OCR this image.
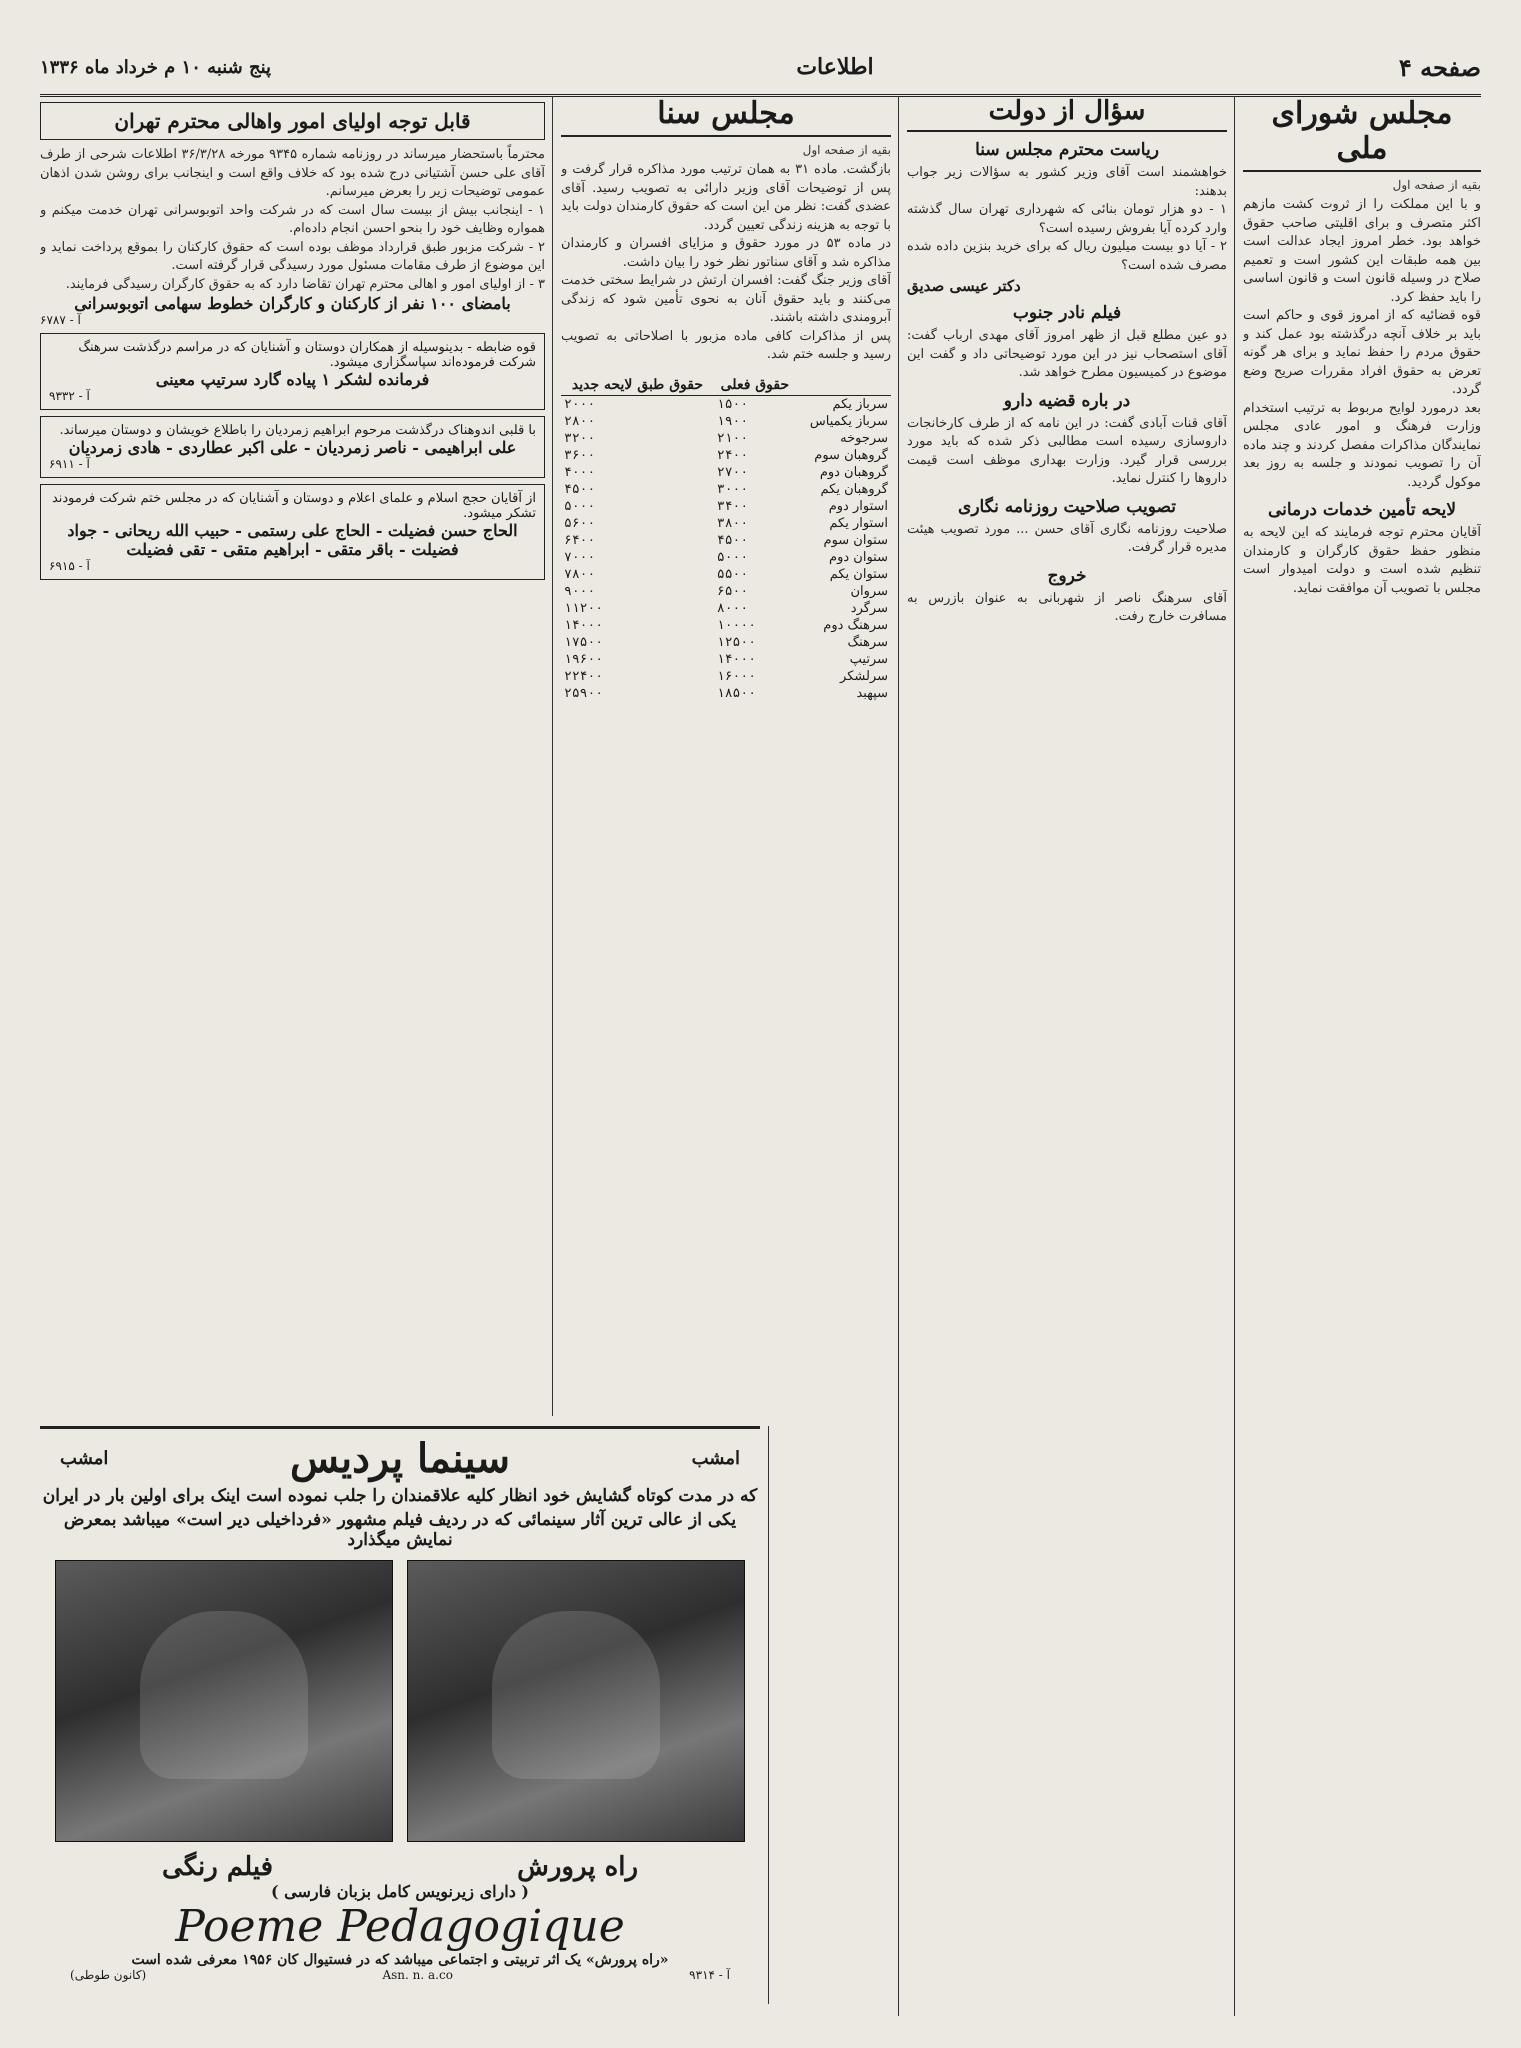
صفحه ۴
اطلاعات
پنج شنبه ۱۰ م خرداد ماه ۱۳۳۶
مجلس شورای ملی
بقیه از صفحه اول
و با این مملکت را از ثروت کشت مازهم اکثر متصرف و برای اقلیتی صاحب حقوق خواهد بود. خطر امروز ایجاد عدالت است بین همه طبقات این کشور است و تعمیم صلاح در وسیله قانون است و قانون اساسی را باید حفظ کرد.
قوه قضائیه که از امروز قوی و حاکم است باید بر خلاف آنچه درگذشته بود عمل کند و حقوق مردم را حفظ نماید و برای هر گونه تعرض به حقوق افراد مقررات صریح وضع گردد.
بعد درمورد لوایح مربوط به ترتیب استخدام وزارت فرهنگ و امور عادی مجلس نمایندگان مذاکرات مفصل کردند و چند ماده آن را تصویب نمودند و جلسه به روز بعد موکول گردید.
لایحه تأمین خدمات درمانی
آقایان محترم توجه فرمایند که این لایحه به منظور حفظ حقوق کارگران و کارمندان تنظیم شده است و دولت امیدوار است مجلس با تصویب آن موافقت نماید.
سؤال از دولت
ریاست محترم مجلس سنا
خواهشمند است آقای وزیر کشور به سؤالات زیر جواب بدهند:
۱ - دو هزار تومان بنائی که شهرداری تهران سال گذشته وارد کرده آیا بفروش رسیده است؟
۲ - آیا دو بیست میلیون ریال که برای خرید بنزین داده شده مصرف شده است؟
دکتر عیسی صدیق
فیلم نادر جنوب
دو عین مطلع قبل از ظهر امروز آقای مهدی ارباب گفت: آقای استصحاب نیز در این مورد توضیحاتی داد و گفت این موضوع در کمیسیون مطرح خواهد شد.
در باره قضیه دارو
آقای قنات آبادی گفت: در این نامه که از طرف کارخانجات داروسازی رسیده است مطالبی ذکر شده که باید مورد بررسی قرار گیرد. وزارت بهداری موظف است قیمت داروها را کنترل نماید.
تصویب صلاحیت روزنامه نگاری
صلاحیت روزنامه نگاری آقای حسن ... مورد تصویب هیئت مدیره قرار گرفت.
خروج
آقای سرهنگ ناصر از شهربانی به عنوان بازرس به مسافرت خارج رفت.
مجلس سنا
بقیه از صفحه اول
بازگشت. ماده ۳۱ به همان ترتیب مورد مذاکره قرار گرفت و پس از توضیحات آقای وزیر دارائی به تصویب رسید. آقای عضدی گفت: نظر من این است که حقوق کارمندان دولت باید با توجه به هزینه زندگی تعیین گردد.
در ماده ۵۳ در مورد حقوق و مزایای افسران و کارمندان مذاکره شد و آقای سناتور نظر خود را بیان داشت.
آقای وزیر جنگ گفت: افسران ارتش در شرایط سختی خدمت می‌کنند و باید حقوق آنان به نحوی تأمین شود که زندگی آبرومندی داشته باشند.
پس از مذاکرات کافی ماده مزبور با اصلاحاتی به تصویب رسید و جلسه ختم شد.
	حقوق فعلی	حقوق طبق لایحه جدید
سرباز یکم	۱۵۰۰	۲۰۰۰
سرباز یکمیاس	۱۹۰۰	۲۸۰۰
سرجوخه	۲۱۰۰	۳۲۰۰
گروهبان سوم	۲۴۰۰	۳۶۰۰
گروهبان دوم	۲۷۰۰	۴۰۰۰
گروهبان یکم	۳۰۰۰	۴۵۰۰
استوار دوم	۳۴۰۰	۵۰۰۰
استوار یکم	۳۸۰۰	۵۶۰۰
ستوان سوم	۴۵۰۰	۶۴۰۰
ستوان دوم	۵۰۰۰	۷۰۰۰
ستوان یکم	۵۵۰۰	۷۸۰۰
سروان	۶۵۰۰	۹۰۰۰
سرگرد	۸۰۰۰	۱۱۲۰۰
سرهنگ دوم	۱۰۰۰۰	۱۴۰۰۰
سرهنگ	۱۲۵۰۰	۱۷۵۰۰
سرتیپ	۱۴۰۰۰	۱۹۶۰۰
سرلشکر	۱۶۰۰۰	۲۲۴۰۰
سپهبد	۱۸۵۰۰	۲۵۹۰۰
قابل توجه اولیای امور واهالی محترم تهران
محترماً باستحضار میرساند در روزنامه شماره ۹۳۴۵ مورخه ۳۶/۳/۲۸ اطلاعات شرحی از طرف آقای علی حسن آشتیانی درج شده بود که خلاف واقع است و اینجانب برای روشن شدن اذهان عمومی توضیحات زیر را بعرض میرسانم.
۱ - اینجانب بیش از بیست سال است که در شرکت واحد اتوبوسرانی تهران خدمت میکنم و همواره وظایف خود را بنحو احسن انجام داده‌ام.
۲ - شرکت مزبور طبق قرارداد موظف بوده است که حقوق کارکنان را بموقع پرداخت نماید و این موضوع از طرف مقامات مسئول مورد رسیدگی قرار گرفته است.
۳ - از اولیای امور و اهالی محترم تهران تقاضا دارد که به حقوق کارگران رسیدگی فرمایند.
بامضای ۱۰۰ نفر از کارکنان و کارگران خطوط سهامی اتوبوسرانی
آ - ۶۷۸۷
قوه ضابطه - بدینوسیله از همکاران دوستان و آشنایان که در مراسم درگذشت سرهنگ شرکت فرموده‌اند سپاسگزاری میشود.
فرمانده لشکر ۱ پیاده گارد سرتیپ معینی
آ - ۹۳۳۲
با قلبی اندوهناک درگذشت مرحوم ابراهیم زمردیان را باطلاع خویشان و دوستان میرساند.
علی ابراهیمی - ناصر زمردیان - علی اکبر عطاردی - هادی زمردیان
آ - ۶۹۱۱
از آقایان حجج اسلام و علمای اعلام و دوستان و آشنایان که در مجلس ختم شرکت فرمودند تشکر میشود.
الحاج حسن فضیلت - الحاج علی رستمی - حبیب الله ریحانی - جواد فضیلت - باقر متقی - ابراهیم متقی - تقی فضیلت
آ - ۶۹۱۵
امشب
سینما پردیس
امشب
که در مدت کوتاه گشایش خود انظار کلیه علاقمندان را جلب نموده است اینک برای اولین بار در ایران
یکی از عالی ترین آثار سینمائی که در ردیف فیلم مشهور «فرداخیلی دیر است» میباشد بمعرض نمایش میگذارد
راه پرورش
فیلم رنگی
( دارای زیرنویس کامل بزبان فارسی )
Poeme Pedagogique
«راه پرورش» یک اثر تربیتی و اجتماعی میباشد که در فستیوال کان ۱۹۵۶ معرفی شده است
(کانون طوطی)	Asn. n. a.co	آ - ۹۳۱۴
